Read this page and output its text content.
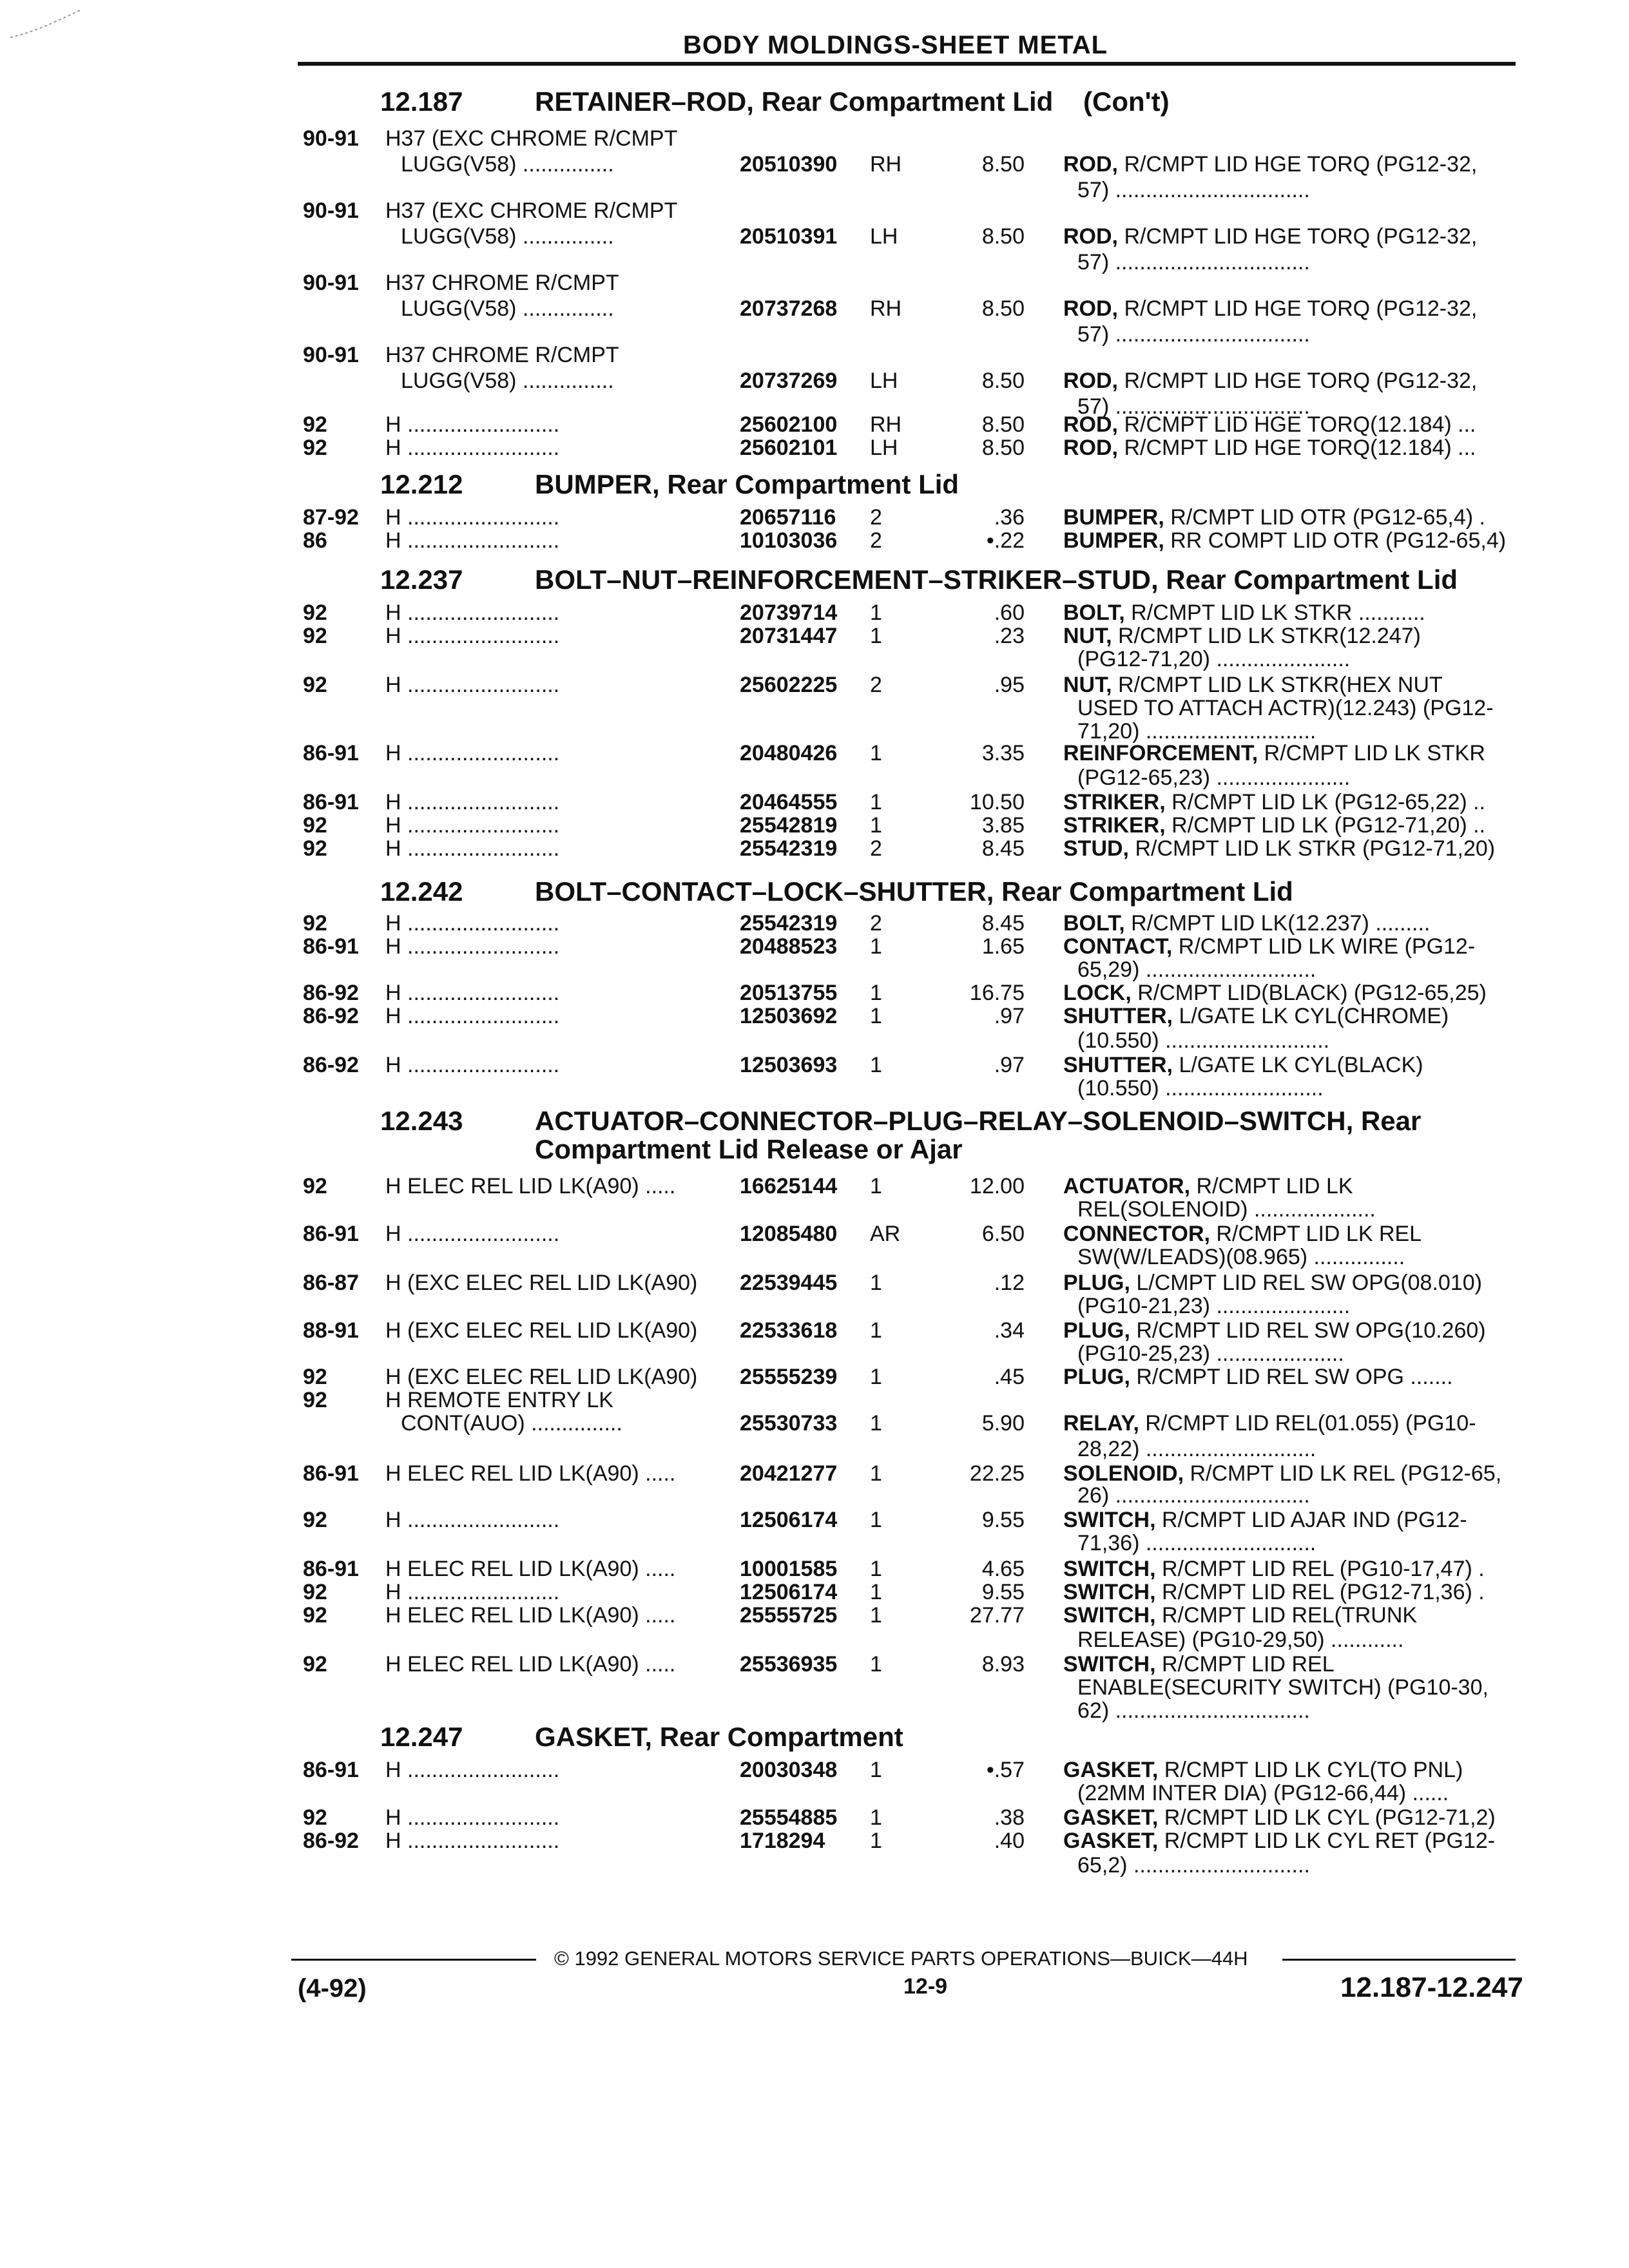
BODY MOLDINGS-SHEET METAL
12.187	RETAINER–ROD, Rear Compartment Lid (Con't)
12.212	BUMPER, Rear Compartment Lid
12.237	BOLT–NUT–REINFORCEMENT–STRIKER–STUD, Rear Compartment Lid
12.242	BOLT–CONTACT–LOCK–SHUTTER, Rear Compartment Lid
12.243	ACTUATOR–CONNECTOR–PLUG–RELAY–SOLENOID–SWITCH, Rear
Compartment Lid Release or Ajar
12.247	GASKET, Rear Compartment
90-91 H37 (EXC CHROME R/CMPT
LUGG(V58) ...............	20510390 RH	8.50 ROD, R/CMPT LID HGE TORQ (PG12-32,
57) ................................
90-91 H37 (EXC CHROME R/CMPT
LUGG(V58) ...............	20510391 LH	8.50 ROD, R/CMPT LID HGE TORQ (PG12-32,
57) ................................
90-91 H37 CHROME R/CMPT
LUGG(V58) ...............	20737268 RH	8.50 ROD, R/CMPT LID HGE TORQ (PG12-32,
57) ................................
90-91 H37 CHROME R/CMPT
LUGG(V58) ...............	20737269 LH	8.50 ROD, R/CMPT LID HGE TORQ (PG12-32,
57) ................................
92	H .........................	25602100 RH	8.50 ROD, R/CMPT LID HGE TORQ(12.184) ...
92	H .........................	25602101 LH	8.50 ROD, R/CMPT LID HGE TORQ(12.184) ...
87-92 H .........................	20657116 2	.36 BUMPER, R/CMPT LID OTR (PG12-65,4) .
86	H .........................	10103036 2	•.22 BUMPER, RR COMPT LID OTR (PG12-65,4)
92	H .........................	20739714 1	.60 BOLT, R/CMPT LID LK STKR ...........
92	H .........................	20731447 1	.23 NUT, R/CMPT LID LK STKR(12.247)
(PG12-71,20) ......................
92	H .........................	25602225 2	.95 NUT, R/CMPT LID LK STKR(HEX NUT
USED TO ATTACH ACTR)(12.243) (PG12-
71,20) ............................
86-91 H .........................	20480426 1	3.35 REINFORCEMENT, R/CMPT LID LK STKR
(PG12-65,23) ......................
86-91 H .........................	20464555 1	10.50 STRIKER, R/CMPT LID LK (PG12-65,22) ..
92	H .........................	25542819 1	3.85 STRIKER, R/CMPT LID LK (PG12-71,20) ..
92	H .........................	25542319 2	8.45 STUD, R/CMPT LID LK STKR (PG12-71,20)
92	H .........................	25542319 2	8.45 BOLT, R/CMPT LID LK(12.237) .........
86-91 H .........................	20488523 1	1.65 CONTACT, R/CMPT LID LK WIRE (PG12-
65,29) ............................
86-92 H .........................	20513755 1	16.75 LOCK, R/CMPT LID(BLACK) (PG12-65,25)
86-92 H .........................	12503692 1	.97 SHUTTER, L/GATE LK CYL(CHROME)
(10.550) ...........................
86-92 H .........................	12503693 1	.97 SHUTTER, L/GATE LK CYL(BLACK)
(10.550) ..........................
92	H ELEC REL LID LK(A90) .....	16625144 1	12.00 ACTUATOR, R/CMPT LID LK
REL(SOLENOID) ....................
86-91 H .........................	12085480 AR	6.50 CONNECTOR, R/CMPT LID LK REL
SW(W/LEADS)(08.965) ...............
86-87 H (EXC ELEC REL LID LK(A90) 22539445 1	.12 PLUG, L/CMPT LID REL SW OPG(08.010)
(PG10-21,23) ......................
88-91 H (EXC ELEC REL LID LK(A90) 22533618 1	.34 PLUG, R/CMPT LID REL SW OPG(10.260)
(PG10-25,23) .....................
92	H (EXC ELEC REL LID LK(A90) 25555239 1	.45 PLUG, R/CMPT LID REL SW OPG .......
92	H REMOTE ENTRY LK
CONT(AUO) ...............	25530733 1	5.90 RELAY, R/CMPT LID REL(01.055) (PG10-
28,22) ............................
86-91 H ELEC REL LID LK(A90) .....	20421277 1	22.25 SOLENOID, R/CMPT LID LK REL (PG12-65,
26) ................................
92	H .........................	12506174 1	9.55 SWITCH, R/CMPT LID AJAR IND (PG12-
71,36) ............................
86-91 H ELEC REL LID LK(A90) .....	10001585 1	4.65 SWITCH, R/CMPT LID REL (PG10-17,47) .
92	H .........................	12506174 1	9.55 SWITCH, R/CMPT LID REL (PG12-71,36) .
92	H ELEC REL LID LK(A90) .....	25555725 1	27.77 SWITCH, R/CMPT LID REL(TRUNK
RELEASE) (PG10-29,50) ............
92	H ELEC REL LID LK(A90) .....	25536935 1	8.93 SWITCH, R/CMPT LID REL
ENABLE(SECURITY SWITCH) (PG10-30,
62) ................................
86-91 H .........................	20030348 1	•.57 GASKET, R/CMPT LID LK CYL(TO PNL)
(22MM INTER DIA) (PG12-66,44) ......
92	H .........................	25554885 1	.38 GASKET, R/CMPT LID LK CYL (PG12-71,2)
86-92 H .........................	1718294 1	.40 GASKET, R/CMPT LID LK CYL RET (PG12-
65,2) .............................
© 1992 GENERAL MOTORS SERVICE PARTS OPERATIONS—BUICK—44H
(4-92)	12-9	12.187-12.247
